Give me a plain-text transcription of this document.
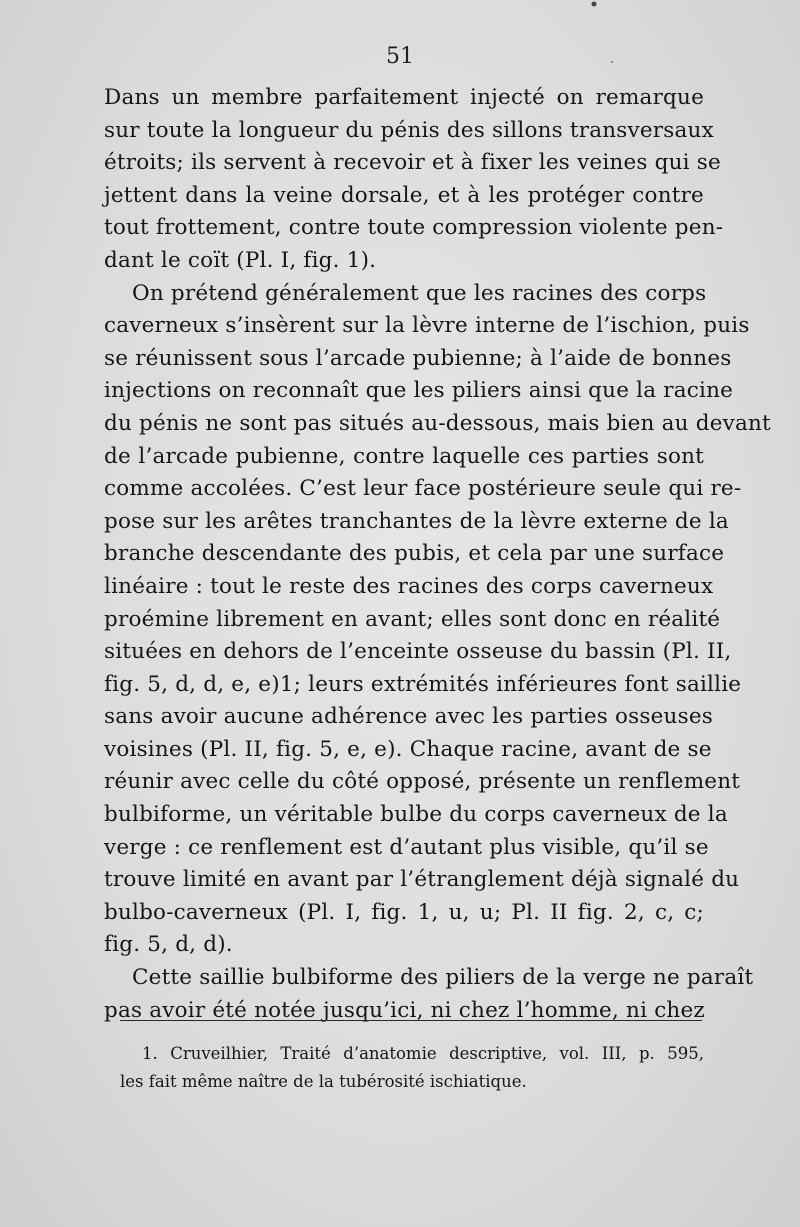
51
Dans un membre parfaitement injecté on remarque
sur toute la longueur du pénis des sillons transversaux
étroits; ils servent à recevoir et à fixer les veines qui se
jettent dans la veine dorsale, et à les protéger contre
tout frottement, contre toute compression violente pen-
dant le coït (Pl. I, fig. 1).
On prétend généralement que les racines des corps
caverneux s’insèrent sur la lèvre interne de l’ischion, puis
se réunissent sous l’arcade pubienne; à l’aide de bonnes
injections on reconnaît que les piliers ainsi que la racine
du pénis ne sont pas situés au-dessous, mais bien au devant
de l’arcade pubienne, contre laquelle ces parties sont
comme accolées. C’est leur face postérieure seule qui re-
pose sur les arêtes tranchantes de la lèvre externe de la
branche descendante des pubis, et cela par une surface
linéaire : tout le reste des racines des corps caverneux
proémine librement en avant; elles sont donc en réalité
situées en dehors de l’enceinte osseuse du bassin (Pl. II,
fig. 5, d, d, e, e)1; leurs extrémités inférieures font saillie
sans avoir aucune adhérence avec les parties osseuses
voisines (Pl. II, fig. 5, e, e). Chaque racine, avant de se
réunir avec celle du côté opposé, présente un renflement
bulbiforme, un véritable bulbe du corps caverneux de la
verge : ce renflement est d’autant plus visible, qu’il se
trouve limité en avant par l’étranglement déjà signalé du
bulbo-caverneux (Pl. I, fig. 1, u, u; Pl. II fig. 2, c, c;
fig. 5, d, d).
Cette saillie bulbiforme des piliers de la verge ne paraît
pas avoir été notée jusqu’ici, ni chez l’homme, ni chez
1. Cruveilhier, Traité d’anatomie descriptive, vol. III, p. 595,
les fait même naître de la tubérosité ischiatique.
